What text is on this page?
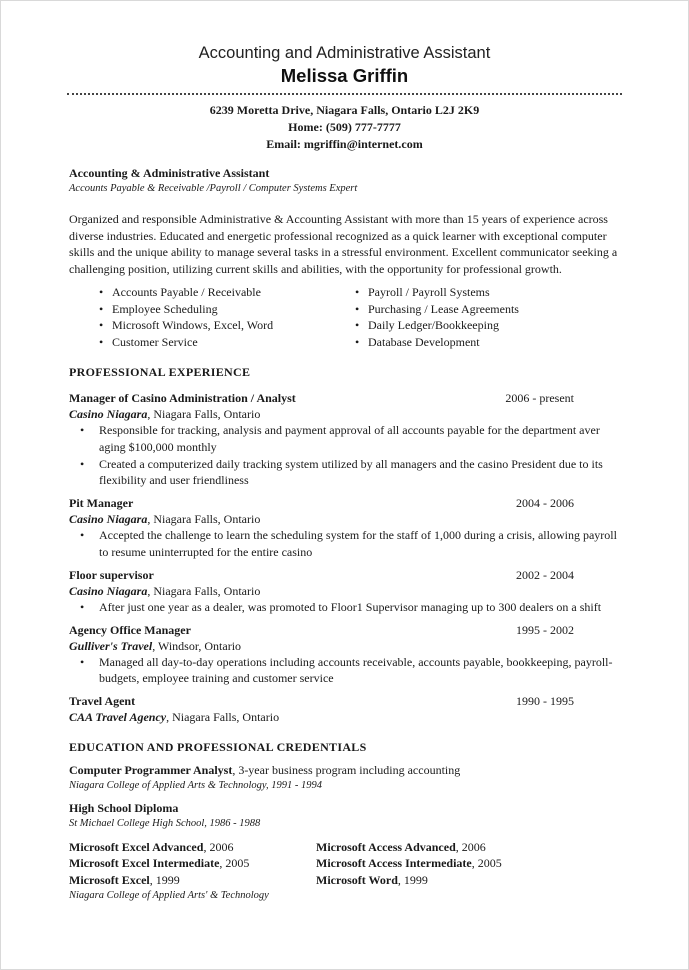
Accounting and Administrative Assistant
Melissa Griffin
6239 Moretta Drive, Niagara Falls, Ontario L2J 2K9
Home: (509) 777-7777
Email: mgriffin@internet.com
Accounting & Administrative Assistant
Accounts Payable & Receivable /Payroll / Computer Systems Expert
Organized and responsible Administrative & Accounting Assistant with more than 15 years of experience across diverse industries. Educated and energetic professional recognized as a quick learner with exceptional computer skills and the unique ability to manage several tasks in a stressful environment. Excellent communicator seeking a challenging position, utilizing current skills and abilities, with the opportunity for professional growth.
• Accounts Payable / Receivable
• Employee Scheduling
• Microsoft Windows, Excel, Word
• Customer Service
• Payroll / Payroll Systems
• Purchasing / Lease Agreements
• Daily Ledger/Bookkeeping
• Database Development
PROFESSIONAL EXPERIENCE
Manager of Casino Administration / Analyst	2006 - present
Casino Niagara, Niagara Falls, Ontario
• Responsible for tracking, analysis and payment approval of all accounts payable for the department aver aging $100,000 monthly
• Created a computerized daily tracking system utilized by all managers and the casino President due to its flexibility and user friendliness
Pit Manager	2004 - 2006
Casino Niagara, Niagara Falls, Ontario
• Accepted the challenge to learn the scheduling system for the staff of 1,000 during a crisis, allowing payroll to resume uninterrupted for the entire casino
Floor supervisor	2002 - 2004
Casino Niagara, Niagara Falls, Ontario
• After just one year as a dealer, was promoted to Floor1 Supervisor managing up to 300 dealers on a shift
Agency Office Manager	1995 - 2002
Gulliver's Travel, Windsor, Ontario
• Managed all day-to-day operations including accounts receivable, accounts payable, bookkeeping, payroll-budgets, employee training and customer service
Travel Agent	1990 - 1995
CAA Travel Agency, Niagara Falls, Ontario
EDUCATION AND PROFESSIONAL CREDENTIALS
Computer Programmer Analyst, 3-year business program including accounting
Niagara College of Applied Arts & Technology, 1991 - 1994
High School Diploma
St Michael College High School, 1986 - 1988
Microsoft Excel Advanced, 2006	Microsoft Access Advanced, 2006
Microsoft Excel Intermediate, 2005	Microsoft Access Intermediate, 2005
Microsoft Excel, 1999	Microsoft Word, 1999
Niagara College of Applied Arts' & Technology
